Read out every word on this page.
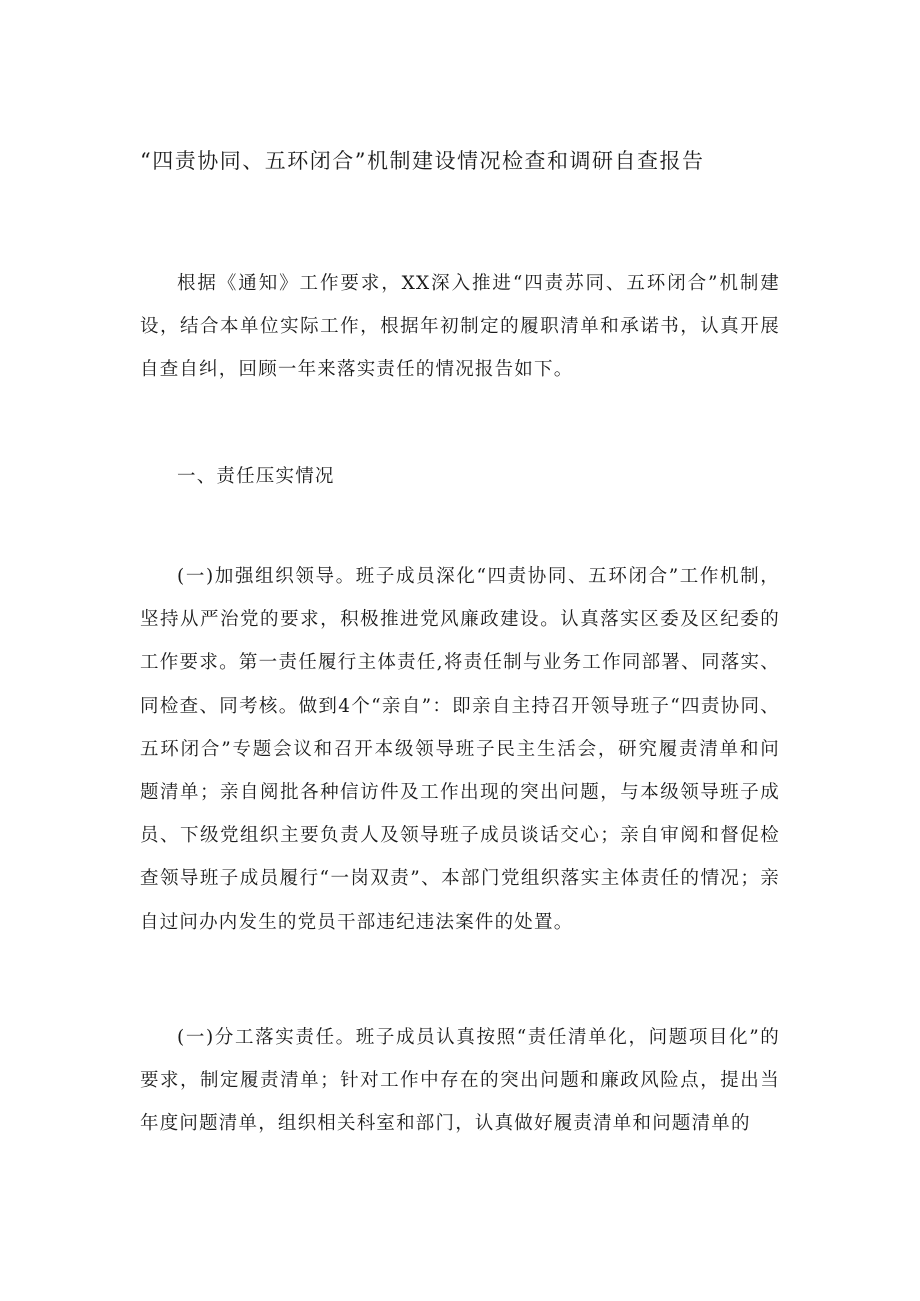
“四责协同、五环闭合”机制建设情况检查和调研自查报告

根据《通知》工作要求，XX深入推进“四责苏同、五环闭合”机制建设，结合本单位实际工作，根据年初制定的履职清单和承诺书，认真开展自查自纠，回顾一年来落实责任的情况报告如下。

一、责任压实情况

(一)加强组织领导。班子成员深化“四责协同、五环闭合”工作机制，坚持从严治党的要求，积极推进党风廉政建设。认真落实区委及区纪委的工作要求。第一责任履行主体责任,将责任制与业务工作同部署、同落实、同检查、同考核。做到4个“亲自”：即亲自主持召开领导班子“四责协同、五环闭合”专题会议和召开本级领导班子民主生活会，研究履责清单和问题清单；亲自阅批各种信访件及工作出现的突出问题，与本级领导班子成员、下级党组织主要负责人及领导班子成员谈话交心；亲自审阅和督促检查领导班子成员履行“一岗双责”、本部门党组织落实主体责任的情况；亲自过问办内发生的党员干部违纪违法案件的处置。

(一)分工落实责任。班子成员认真按照“责任清单化，问题项目化”的要求，制定履责清单；针对工作中存在的突出问题和廉政风险点，提出当年度问题清单，组织相关科室和部门，认真做好履责清单和问题清单的
